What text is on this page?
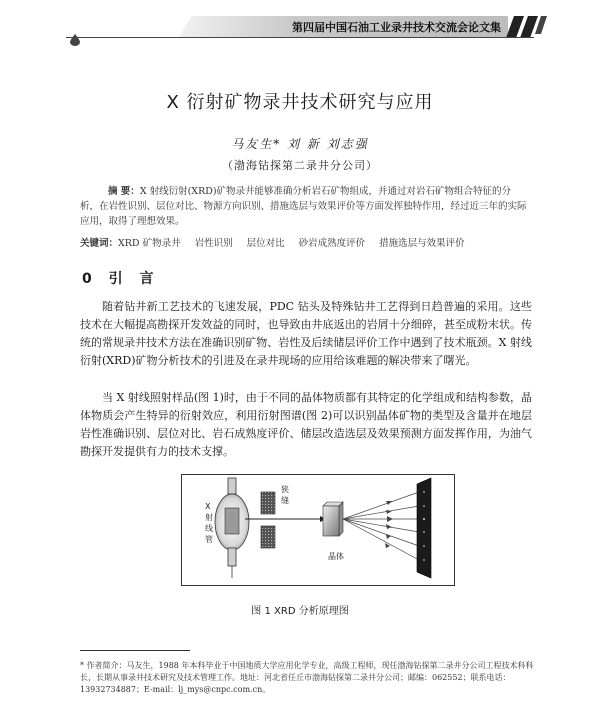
第四届中国石油工业录井技术交流会论文集
X 衍射矿物录井技术研究与应用
马友生* 刘 新 刘志强
（渤海钻探第二录井分公司）
摘 要：X 射线衍射(XRD)矿物录井能够准确分析岩石矿物组成，并通过对岩石矿物组合特征的分析，在岩性识别、层位对比、物源方向识别、措施选层与效果评价等方面发挥独特作用，经过近三年的实际应用，取得了理想效果。
关键词：XRD 矿物录井 岩性识别 层位对比 砂岩成熟度评价 措施选层与效果评价
0 引 言
随着钻井新工艺技术的飞速发展，PDC 钻头及特殊钻井工艺得到日趋普遍的采用。这些技术在大幅提高勘探开发效益的同时，也导致由井底返出的岩屑十分细碎，甚至成粉末状。传统的常规录井技术方法在准确识别矿物、岩性及后续储层评价工作中遇到了技术瓶颈。X 射线衍射(XRD)矿物分析技术的引进及在录井现场的应用给该难题的解决带来了曙光。
当 X 射线照射样品(图 1)时，由于不同的晶体物质都有其特定的化学组成和结构参数，晶体物质会产生特异的衍射效应，利用衍射图谱(图 2)可以识别晶体矿物的类型及含量并在地层岩性准确识别、层位对比、岩石成熟度评价、储层改造选层及效果预测方面发挥作用，为油气勘探开发提供有力的技术支撑。
X射线管
狭缝
晶体
图 1 XRD 分析原理图
* 作者简介：马友生，1988 年本科毕业于中国地质大学应用化学专业，高级工程师，现任渤海钻探第二录井分公司工程技术科科长，长期从事录井技术研究及技术管理工作。地址：河北省任丘市渤海钻探第二录井分公司；邮编：062552；联系电话：13932734887；E-mail：lj_mys@cnpc.com.cn。
